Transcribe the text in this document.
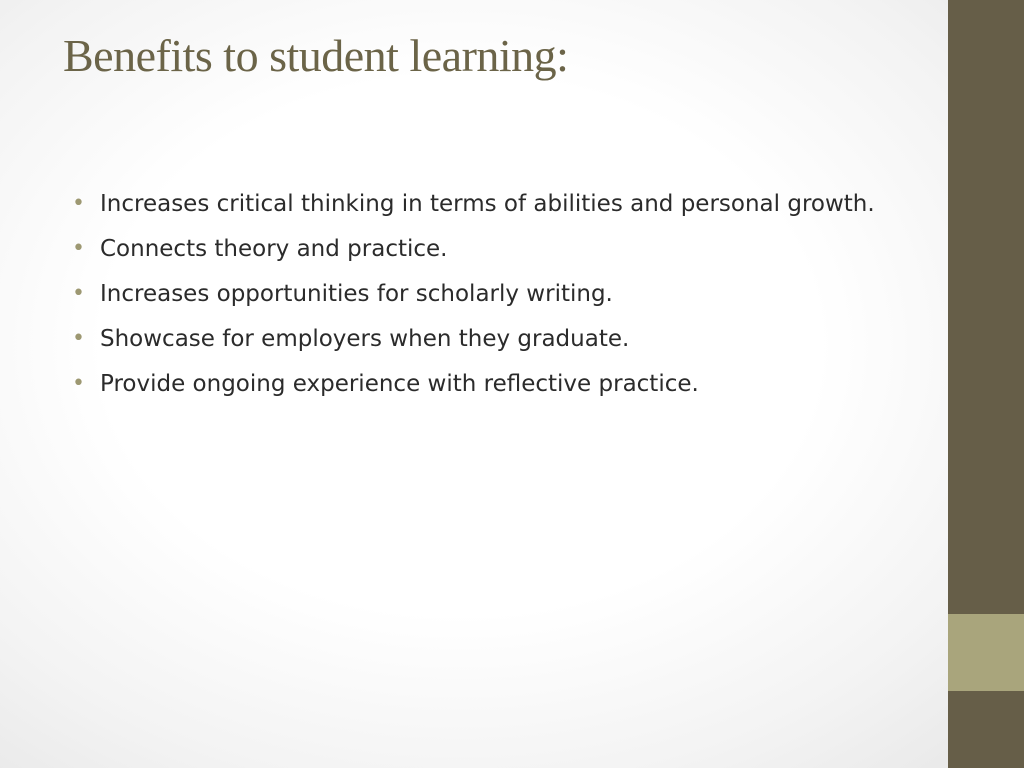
Benefits to student learning:
• Increases critical thinking in terms of abilities and personal growth.
• Connects theory and practice.
• Increases opportunities for scholarly writing.
• Showcase for employers when they graduate.
• Provide ongoing experience with reflective practice.
